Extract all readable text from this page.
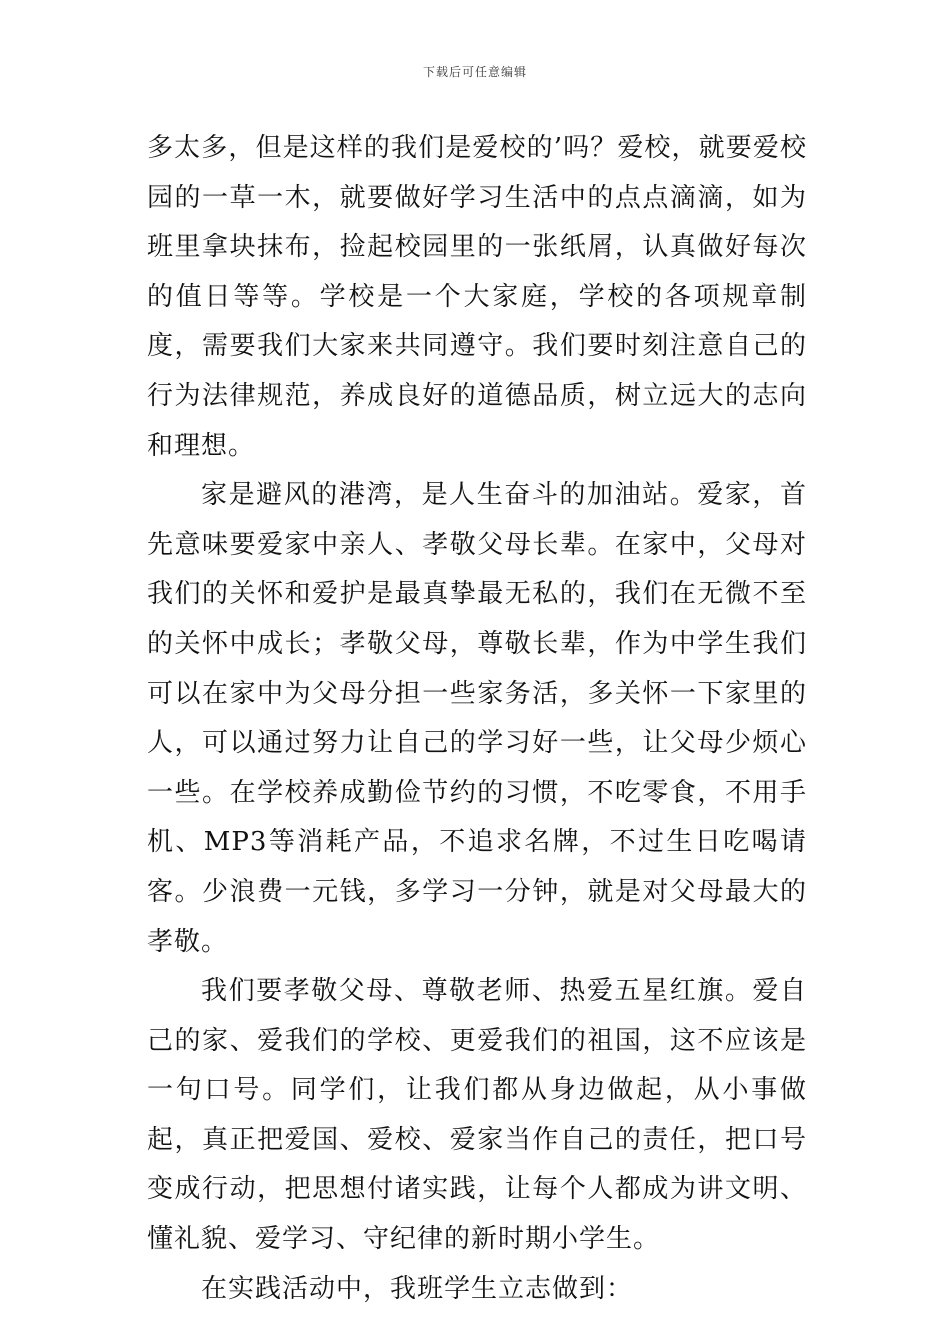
下载后可任意编辑

多太多，但是这样的我们是爱校的’吗？爱校，就要爱校园的一草一木，就要做好学习生活中的点点滴滴，如为班里拿块抹布，捡起校园里的一张纸屑，认真做好每次的值日等等。学校是一个大家庭，学校的各项规章制度，需要我们大家来共同遵守。我们要时刻注意自己的行为法律规范，养成良好的道德品质，树立远大的志向和理想。

家是避风的港湾，是人生奋斗的加油站。爱家，首先意味要爱家中亲人、孝敬父母长辈。在家中，父母对我们的关怀和爱护是最真挚最无私的，我们在无微不至的关怀中成长；孝敬父母，尊敬长辈，作为中学生我们可以在家中为父母分担一些家务活，多关怀一下家里的人，可以通过努力让自己的学习好一些，让父母少烦心一些。在学校养成勤俭节约的习惯，不吃零食，不用手机、MP3等消耗产品，不追求名牌，不过生日吃喝请客。少浪费一元钱，多学习一分钟，就是对父母最大的孝敬。

我们要孝敬父母、尊敬老师、热爱五星红旗。爱自己的家、爱我们的学校、更爱我们的祖国，这不应该是一句口号。同学们，让我们都从身边做起，从小事做起，真正把爱国、爱校、爱家当作自己的责任，把口号变成行动，把思想付诸实践，让每个人都成为讲文明、懂礼貌、爱学习、守纪律的新时期小学生。

在实践活动中，我班学生立志做到：
